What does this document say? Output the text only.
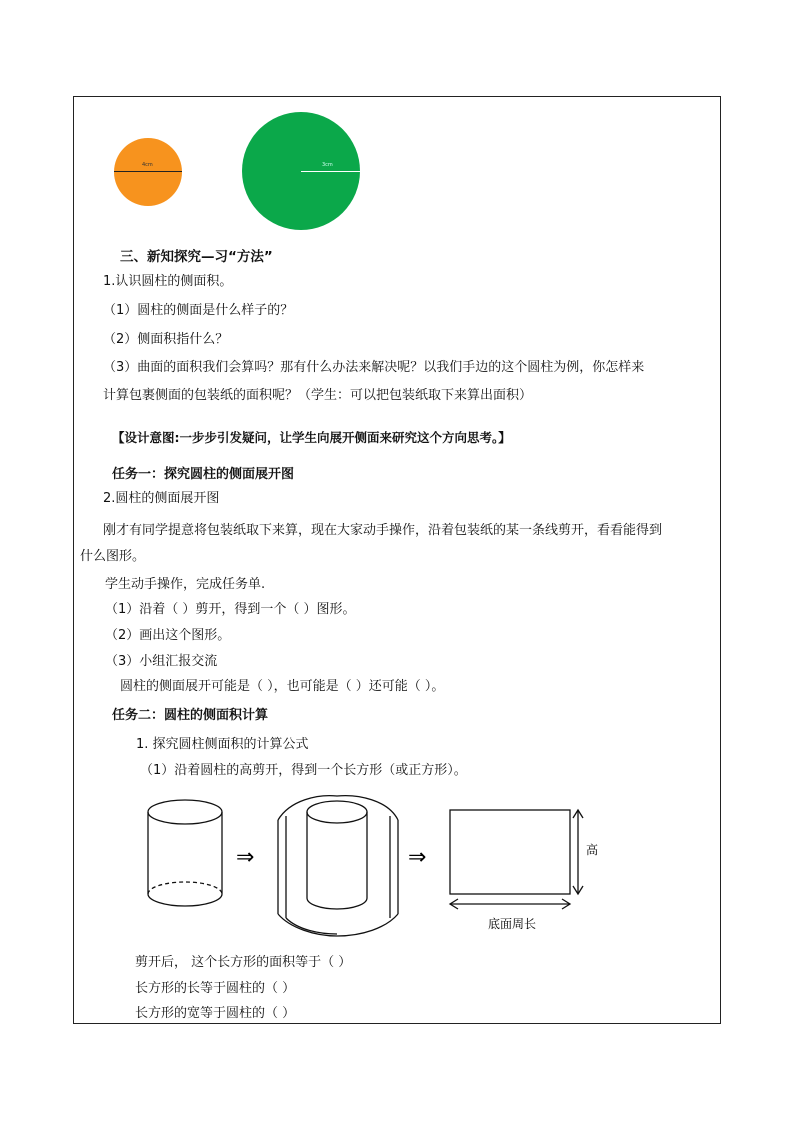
4cm	3cm
三、新知探究—习“方法”
1.认识圆柱的侧面积。
（1）圆柱的侧面是什么样子的？
（2）侧面积指什么？
（3）曲面的面积我们会算吗？那有什么办法来解决呢？以我们手边的这个圆柱为例，你怎样来
计算包裹侧面的包装纸的面积呢？（学生：可以把包装纸取下来算出面积）
【设计意图:一步步引发疑问，让学生向展开侧面来研究这个方向思考。】
任务一：探究圆柱的侧面展开图
2.圆柱的侧面展开图
刚才有同学提意将包装纸取下来算，现在大家动手操作，沿着包装纸的某一条线剪开，看看能得到
什么图形。
学生动手操作，完成任务单.
（1）沿着（ ）剪开，得到一个（ ）图形。
（2）画出这个图形。
（3）小组汇报交流
圆柱的侧面展开可能是（ ），也可能是（ ）还可能（ ）。
任务二：圆柱的侧面积计算
1. 探究圆柱侧面积的计算公式
（1）沿着圆柱的高剪开，得到一个长方形（或正方形）。
⇒	⇒	高
底面周长
剪开后， 这个长方形的面积等于（ ）
长方形的长等于圆柱的（ ）
长方形的宽等于圆柱的（ ）
